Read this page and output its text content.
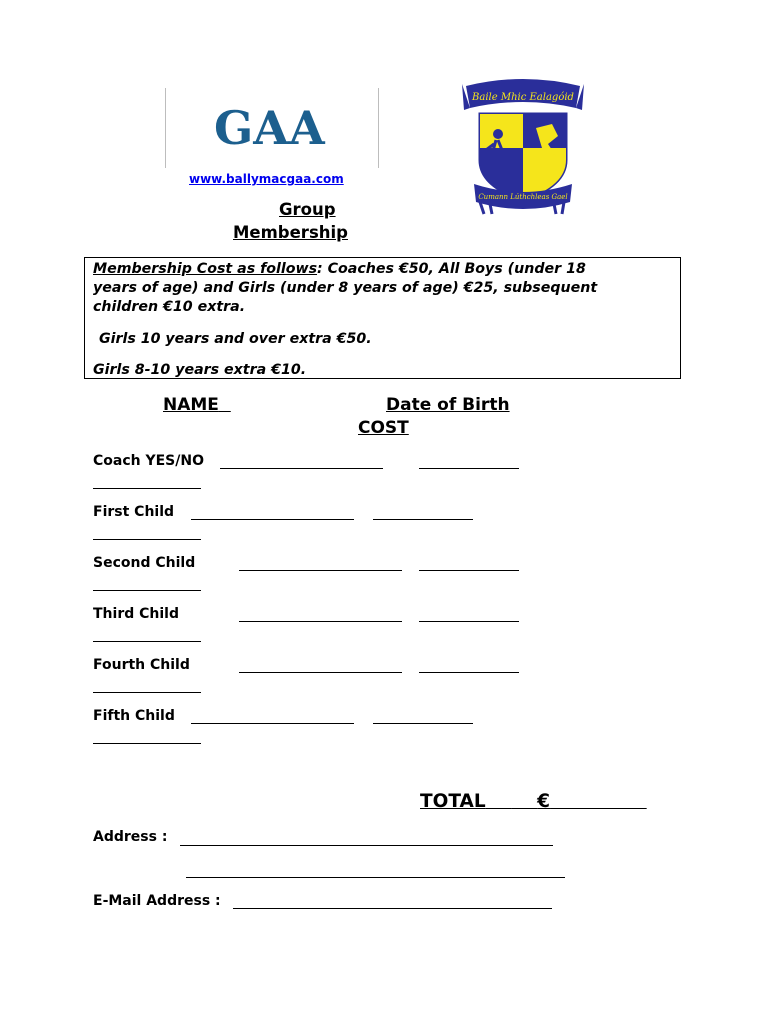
GAA
Baile Mhic Ealagóid
Cumann Lúthchleas Gael
www.ballymacgaa.com
Group
Membership
Membership Cost as follows: Coaches €50, All Boys (under 18
years of age) and Girls (under 8 years of age) €25, subsequent
children €10 extra.
Girls 10 years and over extra €50.
Girls 8-10 years extra €10.
NAME	Date of Birth
COST
Coach YES/NO
First Child
Second Child
Third Child
Fourth Child
Fifth Child
TOTAL	€
Address :
E-Mail Address :
